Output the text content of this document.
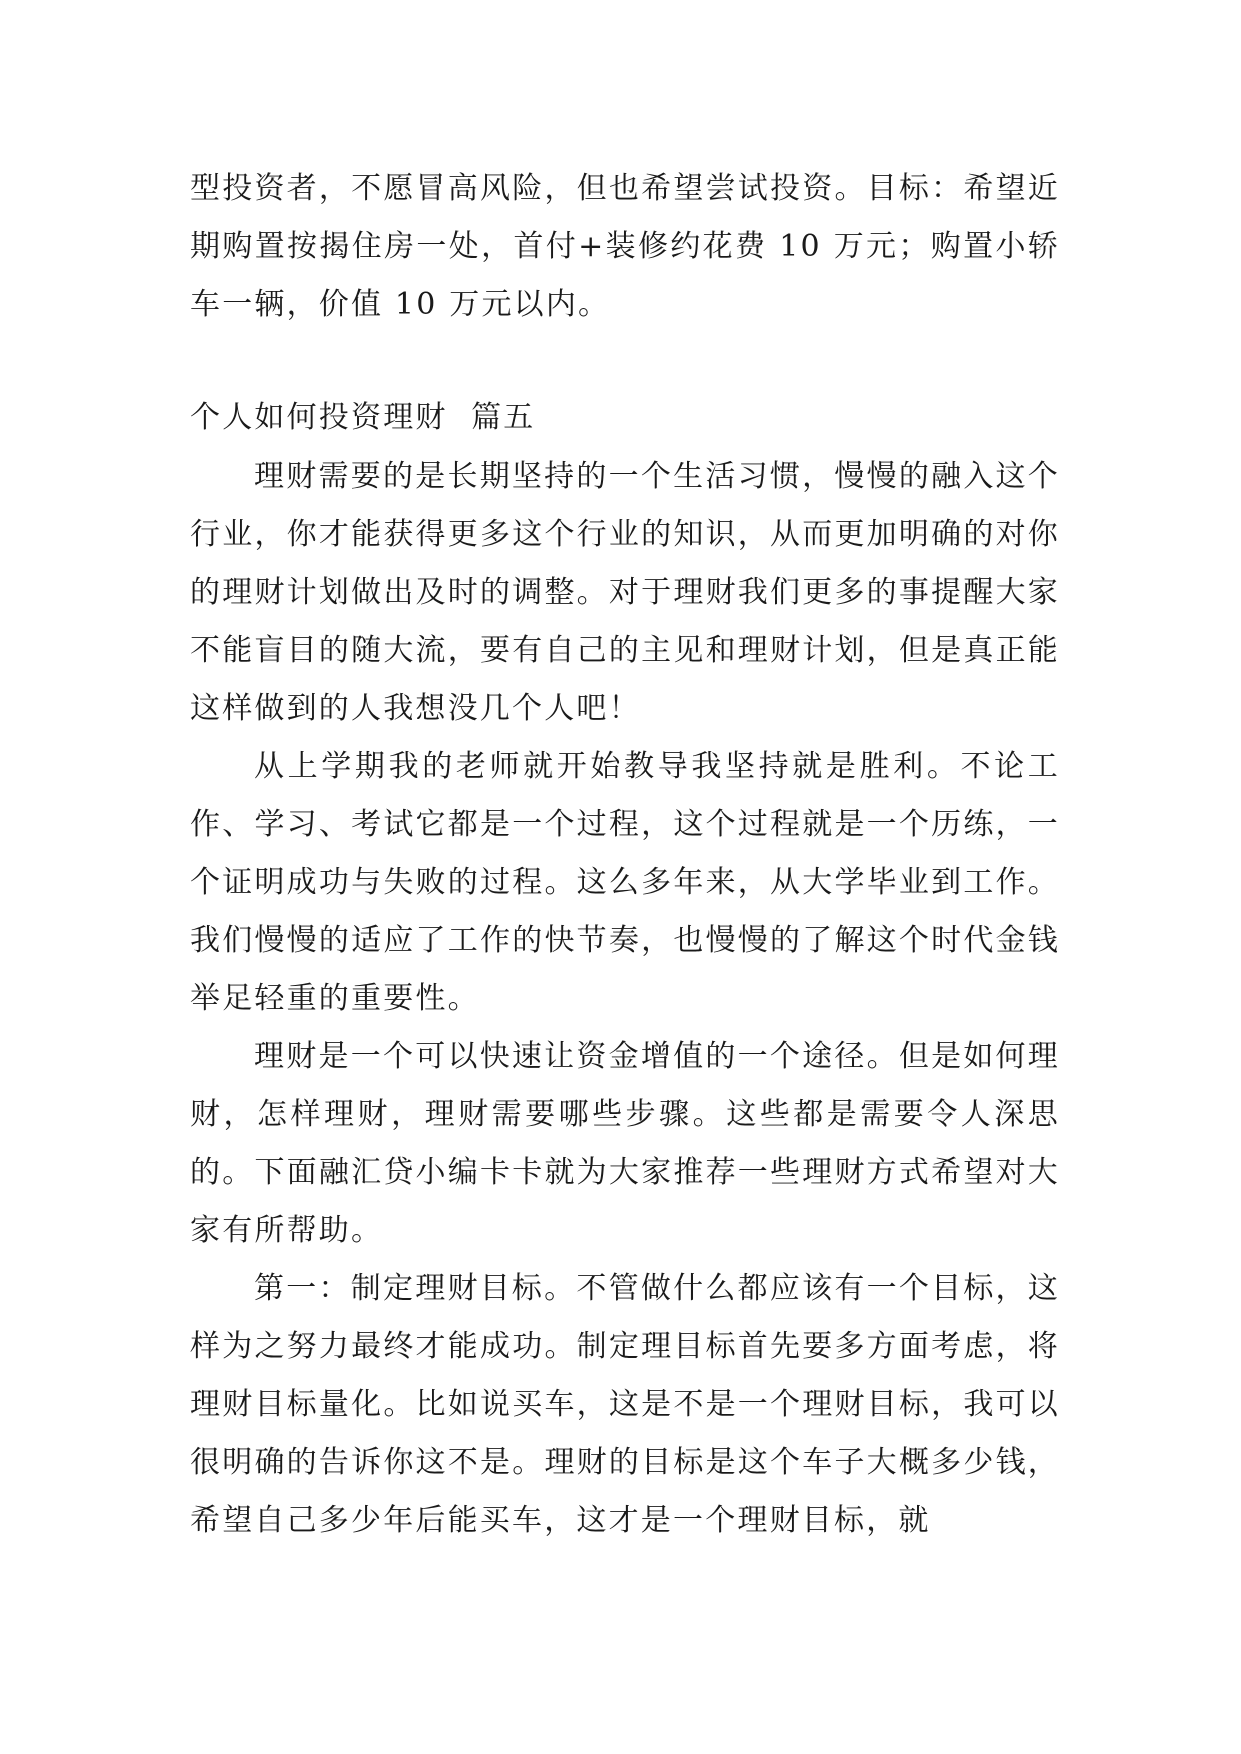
型投资者，不愿冒高风险，但也希望尝试投资。目标：希望近期购置按揭住房一处，首付+装修约花费 10 万元；购置小轿车一辆，价值 10 万元以内。

个人如何投资理财  篇五

理财需要的是长期坚持的一个生活习惯，慢慢的融入这个行业，你才能获得更多这个行业的知识，从而更加明确的对你的理财计划做出及时的调整。对于理财我们更多的事提醒大家不能盲目的随大流，要有自己的主见和理财计划，但是真正能这样做到的人我想没几个人吧！

从上学期我的老师就开始教导我坚持就是胜利。不论工作、学习、考试它都是一个过程，这个过程就是一个历练，一个证明成功与失败的过程。这么多年来，从大学毕业到工作。我们慢慢的适应了工作的快节奏，也慢慢的了解这个时代金钱举足轻重的重要性。

理财是一个可以快速让资金增值的一个途径。但是如何理财，怎样理财，理财需要哪些步骤。这些都是需要令人深思的。下面融汇贷小编卡卡就为大家推荐一些理财方式希望对大家有所帮助。

第一：制定理财目标。不管做什么都应该有一个目标，这样为之努力最终才能成功。制定理目标首先要多方面考虑，将理财目标量化。比如说买车，这是不是一个理财目标，我可以很明确的告诉你这不是。理财的目标是这个车子大概多少钱，希望自己多少年后能买车，这才是一个理财目标，就
